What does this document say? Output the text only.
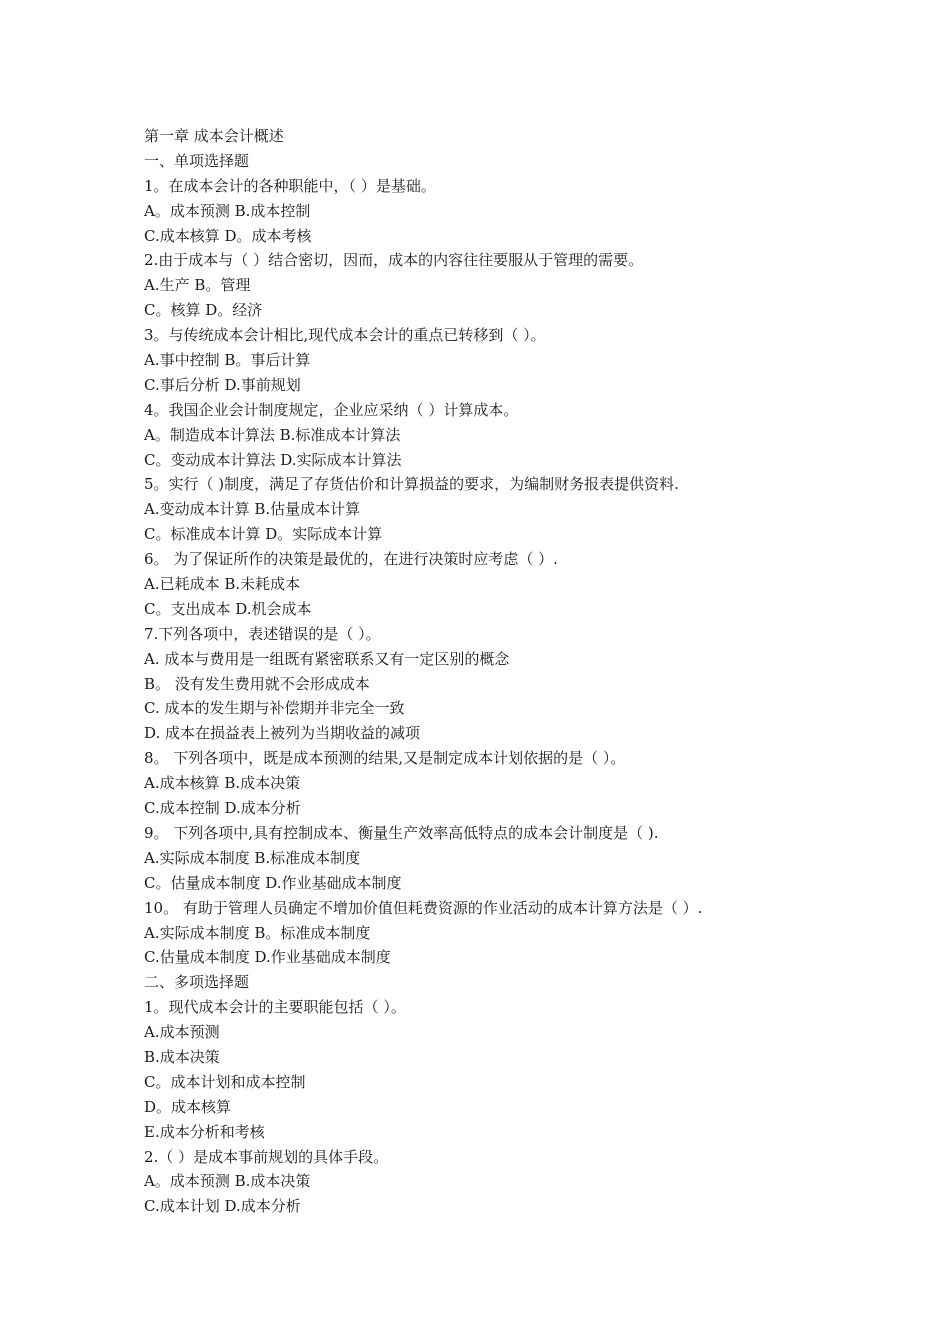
第一章 成本会计概述

一、单项选择题

1。在成本会计的各种职能中，（ ）是基础。

A。成本预测 B.成本控制

C.成本核算 D。成本考核

2.由于成本与（ ）结合密切，因而，成本的内容往往要服从于管理的需要。

A.生产 B。管理

C。核算 D。经济

3。与传统成本会计相比,现代成本会计的重点已转移到（ ）。

A.事中控制 B。事后计算

C.事后分析 D.事前规划

4。我国企业会计制度规定，企业应采纳（ ）计算成本。

A。制造成本计算法 B.标准成本计算法

C。变动成本计算法 D.实际成本计算法

5。实行（ )制度，满足了存货估价和计算损益的要求，为编制财务报表提供资料.

A.变动成本计算 B.估量成本计算

C。标准成本计算 D。实际成本计算

6。 为了保证所作的决策是最优的，在进行决策时应考虑（ ）.

A.已耗成本 B.未耗成本

C。支出成本 D.机会成本

7.下列各项中，表述错误的是（ ）。

A. 成本与费用是一组既有紧密联系又有一定区别的概念

B。 没有发生费用就不会形成成本

C. 成本的发生期与补偿期并非完全一致

D. 成本在损益表上被列为当期收益的减项

8。 下列各项中，既是成本预测的结果,又是制定成本计划依据的是（ ）。

A.成本核算 B.成本决策

C.成本控制 D.成本分析

9。 下列各项中,具有控制成本、衡量生产效率高低特点的成本会计制度是（ ).

A.实际成本制度 B.标准成本制度

C。估量成本制度 D.作业基础成本制度

10。 有助于管理人员确定不增加价值但耗费资源的作业活动的成本计算方法是（ ）.

A.实际成本制度 B。标准成本制度

C.估量成本制度 D.作业基础成本制度

二、多项选择题

1。现代成本会计的主要职能包括（ ）。

A.成本预测

B.成本决策

C。成本计划和成本控制

D。成本核算

E.成本分析和考核

2.（ ）是成本事前规划的具体手段。

A。成本预测 B.成本决策

C.成本计划 D.成本分析
